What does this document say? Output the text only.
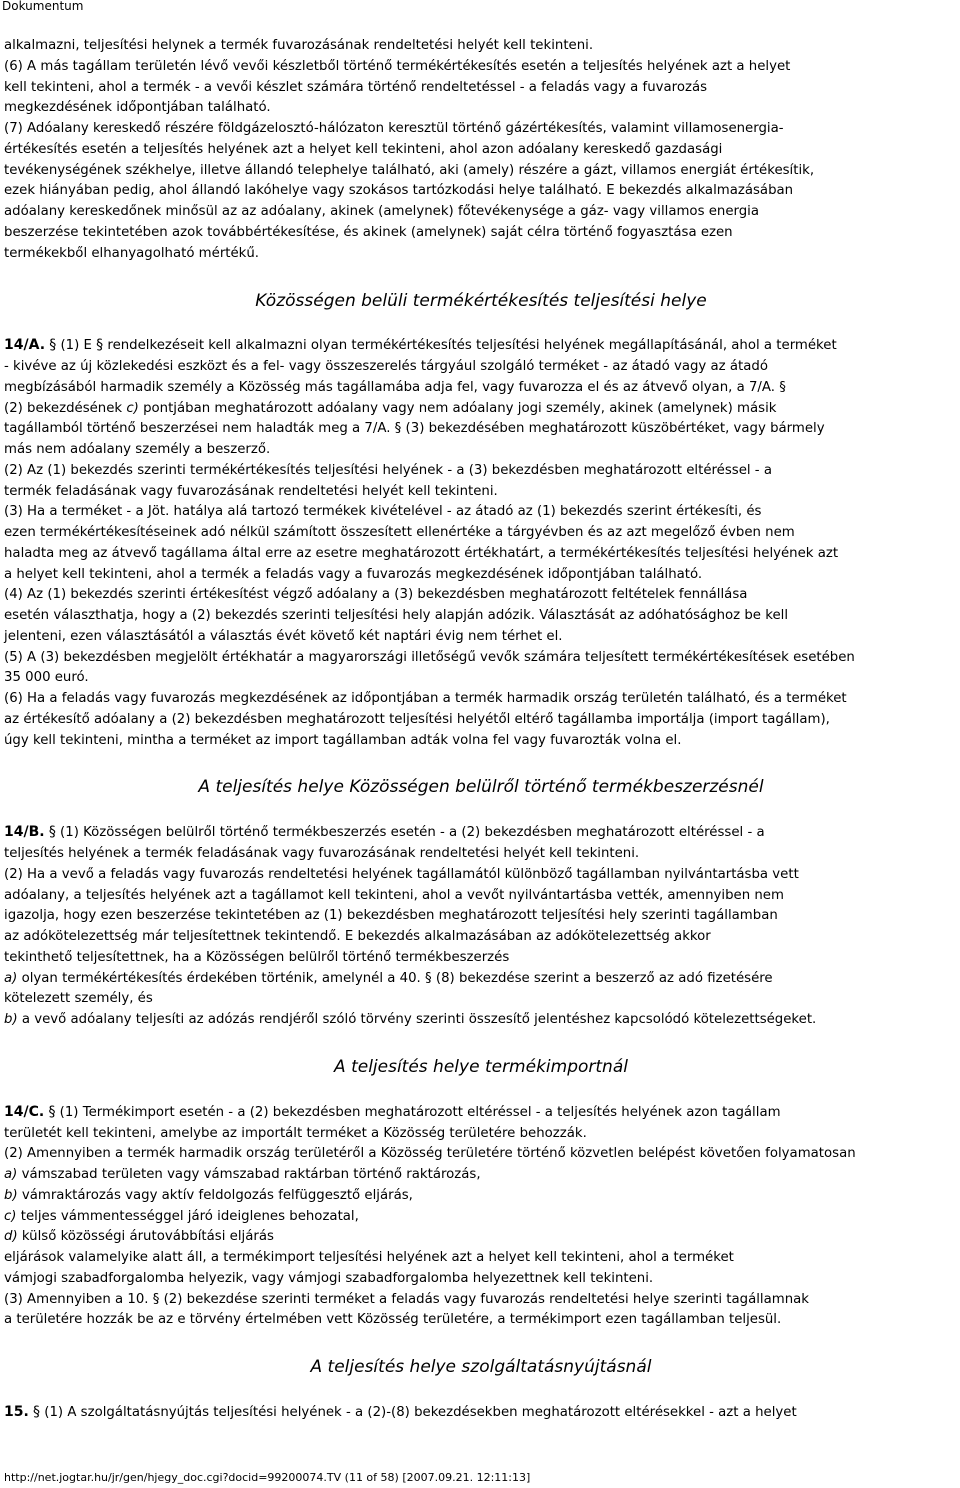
Dokumentum
alkalmazni, teljesítési helynek a termék fuvarozásának rendeltetési helyét kell tekinteni.
(6) A más tagállam területén lévő vevői készletből történő termékértékesítés esetén a teljesítés helyének azt a helyet
kell tekinteni, ahol a termék - a vevői készlet számára történő rendeltetéssel - a feladás vagy a fuvarozás
megkezdésének időpontjában található.
(7) Adóalany kereskedő részére földgázelosztó-hálózaton keresztül történő gázértékesítés, valamint villamosenergia-
értékesítés esetén a teljesítés helyének azt a helyet kell tekinteni, ahol azon adóalany kereskedő gazdasági
tevékenységének székhelye, illetve állandó telephelye található, aki (amely) részére a gázt, villamos energiát értékesítik,
ezek hiányában pedig, ahol állandó lakóhelye vagy szokásos tartózkodási helye található. E bekezdés alkalmazásában
adóalany kereskedőnek minősül az az adóalany, akinek (amelynek) főtevékenysége a gáz- vagy villamos energia
beszerzése tekintetében azok továbbértékesítése, és akinek (amelynek) saját célra történő fogyasztása ezen
termékekből elhanyagolható mértékű.
Közösségen belüli termékértékesítés teljesítési helye
14/A. § (1) E § rendelkezéseit kell alkalmazni olyan termékértékesítés teljesítési helyének megállapításánál, ahol a terméket
- kivéve az új közlekedési eszközt és a fel- vagy összeszerelés tárgyául szolgáló terméket - az átadó vagy az átadó
megbízásából harmadik személy a Közösség más tagállamába adja fel, vagy fuvarozza el és az átvevő olyan, a 7/A. §
(2) bekezdésének c) pontjában meghatározott adóalany vagy nem adóalany jogi személy, akinek (amelynek) másik
tagállamból történő beszerzései nem haladták meg a 7/A. § (3) bekezdésében meghatározott küszöbértéket, vagy bármely
más nem adóalany személy a beszerző.
(2) Az (1) bekezdés szerinti termékértékesítés teljesítési helyének - a (3) bekezdésben meghatározott eltéréssel - a
termék feladásának vagy fuvarozásának rendeltetési helyét kell tekinteni.
(3) Ha a terméket - a Jöt. hatálya alá tartozó termékek kivételével - az átadó az (1) bekezdés szerint értékesíti, és
ezen termékértékesítéseinek adó nélkül számított összesített ellenértéke a tárgyévben és az azt megelőző évben nem
haladta meg az átvevő tagállama által erre az esetre meghatározott értékhatárt, a termékértékesítés teljesítési helyének azt
a helyet kell tekinteni, ahol a termék a feladás vagy a fuvarozás megkezdésének időpontjában található.
(4) Az (1) bekezdés szerinti értékesítést végző adóalany a (3) bekezdésben meghatározott feltételek fennállása
esetén választhatja, hogy a (2) bekezdés szerinti teljesítési hely alapján adózik. Választását az adóhatósághoz be kell
jelenteni, ezen választásától a választás évét követő két naptári évig nem térhet el.
(5) A (3) bekezdésben megjelölt értékhatár a magyarországi illetőségű vevők számára teljesített termékértékesítések esetében
35 000 euró.
(6) Ha a feladás vagy fuvarozás megkezdésének az időpontjában a termék harmadik ország területén található, és a terméket
az értékesítő adóalany a (2) bekezdésben meghatározott teljesítési helyétől eltérő tagállamba importálja (import tagállam),
úgy kell tekinteni, mintha a terméket az import tagállamban adták volna fel vagy fuvarozták volna el.
A teljesítés helye Közösségen belülről történő termékbeszerzésnél
14/B. § (1) Közösségen belülről történő termékbeszerzés esetén - a (2) bekezdésben meghatározott eltéréssel - a
teljesítés helyének a termék feladásának vagy fuvarozásának rendeltetési helyét kell tekinteni.
(2) Ha a vevő a feladás vagy fuvarozás rendeltetési helyének tagállamától különböző tagállamban nyilvántartásba vett
adóalany, a teljesítés helyének azt a tagállamot kell tekinteni, ahol a vevőt nyilvántartásba vették, amennyiben nem
igazolja, hogy ezen beszerzése tekintetében az (1) bekezdésben meghatározott teljesítési hely szerinti tagállamban
az adókötelezettség már teljesítettnek tekintendő. E bekezdés alkalmazásában az adókötelezettség akkor
tekinthető teljesítettnek, ha a Közösségen belülről történő termékbeszerzés
a) olyan termékértékesítés érdekében történik, amelynél a 40. § (8) bekezdése szerint a beszerző az adó fizetésére
kötelezett személy, és
b) a vevő adóalany teljesíti az adózás rendjéről szóló törvény szerinti összesítő jelentéshez kapcsolódó kötelezettségeket.
A teljesítés helye termékimportnál
14/C. § (1) Termékimport esetén - a (2) bekezdésben meghatározott eltéréssel - a teljesítés helyének azon tagállam
területét kell tekinteni, amelybe az importált terméket a Közösség területére behozzák.
(2) Amennyiben a termék harmadik ország területéről a Közösség területére történő közvetlen belépést követően folyamatosan
a) vámszabad területen vagy vámszabad raktárban történő raktározás,
b) vámraktározás vagy aktív feldolgozás felfüggesztő eljárás,
c) teljes vámmentességgel járó ideiglenes behozatal,
d) külső közösségi árutovábbítási eljárás
eljárások valamelyike alatt áll, a termékimport teljesítési helyének azt a helyet kell tekinteni, ahol a terméket
vámjogi szabadforgalomba helyezik, vagy vámjogi szabadforgalomba helyezettnek kell tekinteni.
(3) Amennyiben a 10. § (2) bekezdése szerinti terméket a feladás vagy fuvarozás rendeltetési helye szerinti tagállamnak
a területére hozzák be az e törvény értelmében vett Közösség területére, a termékimport ezen tagállamban teljesül.
A teljesítés helye szolgáltatásnyújtásnál
15. § (1) A szolgáltatásnyújtás teljesítési helyének - a (2)-(8) bekezdésekben meghatározott eltérésekkel - azt a helyet
http://net.jogtar.hu/jr/gen/hjegy_doc.cgi?docid=99200074.TV (11 of 58) [2007.09.21. 12:11:13]
